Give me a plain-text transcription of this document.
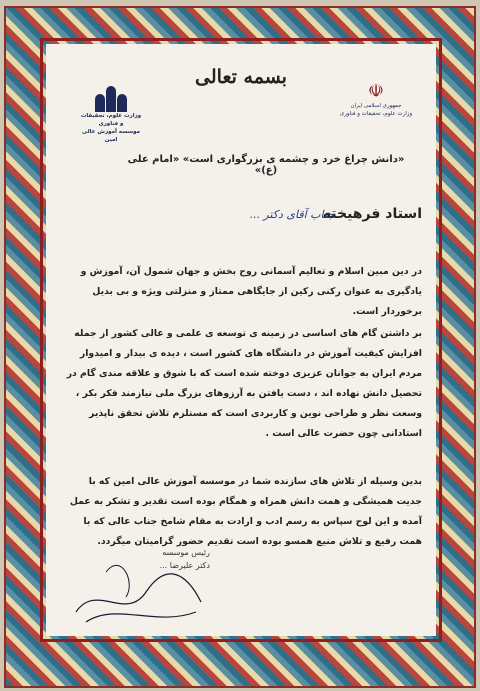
بسمه تعالی
وزارت علوم، تحقیقات و فناوری
موسسه آموزش عالی امین
☫
جمهوری اسلامی ایران
وزارت علوم، تحقیقات و فناوری
«دانش چراغ خرد و چشمه ی بزرگواری است» «امام علی (ع)»
استاد فرهیخته
جناب آقای دکتر ...
در دین مبین اسلام و تعالیم آسمانی روح بخش و جهان شمول آن، آموزش و یادگیری به عنوان رکنی رکین از جایگاهی ممتاز و منزلتی ویژه و بی بدیل برخوردار است.
بر داشتن گام های اساسی در زمینه ی توسعه ی علمی و عالی کشور از جمله افزایش کیفیت آموزش در دانشگاه های کشور است ، دیده ی بیدار و امیدوار مردم ایران به جوانان عزیزی دوخته شده است که با شوق و علاقه مندی گام در تحصیل دانش نهاده اند ، دست یافتن به آرزوهای بزرگ ملی نیازمند فکر بکر ، وسعت نظر و طراحی نوین و کاربردی است که مستلزم تلاش تحقق ناپذیر استادانی چون حضرت عالی است .
بدین وسیله از تلاش های سازنده شما در موسسه آموزش عالی امین که با جدیت همیشگی و همت دانش همراه و همگام بوده است تقدیر و تشکر به عمل آمده و این لوح سپاس به رسم ادب و ارادت به مقام شامخ جناب عالی که با همت رفیع و تلاش منیع همسو بوده است تقدیم حضور گرامیتان میگردد.
رئیس موسسه
دکتر علیرضا ...
